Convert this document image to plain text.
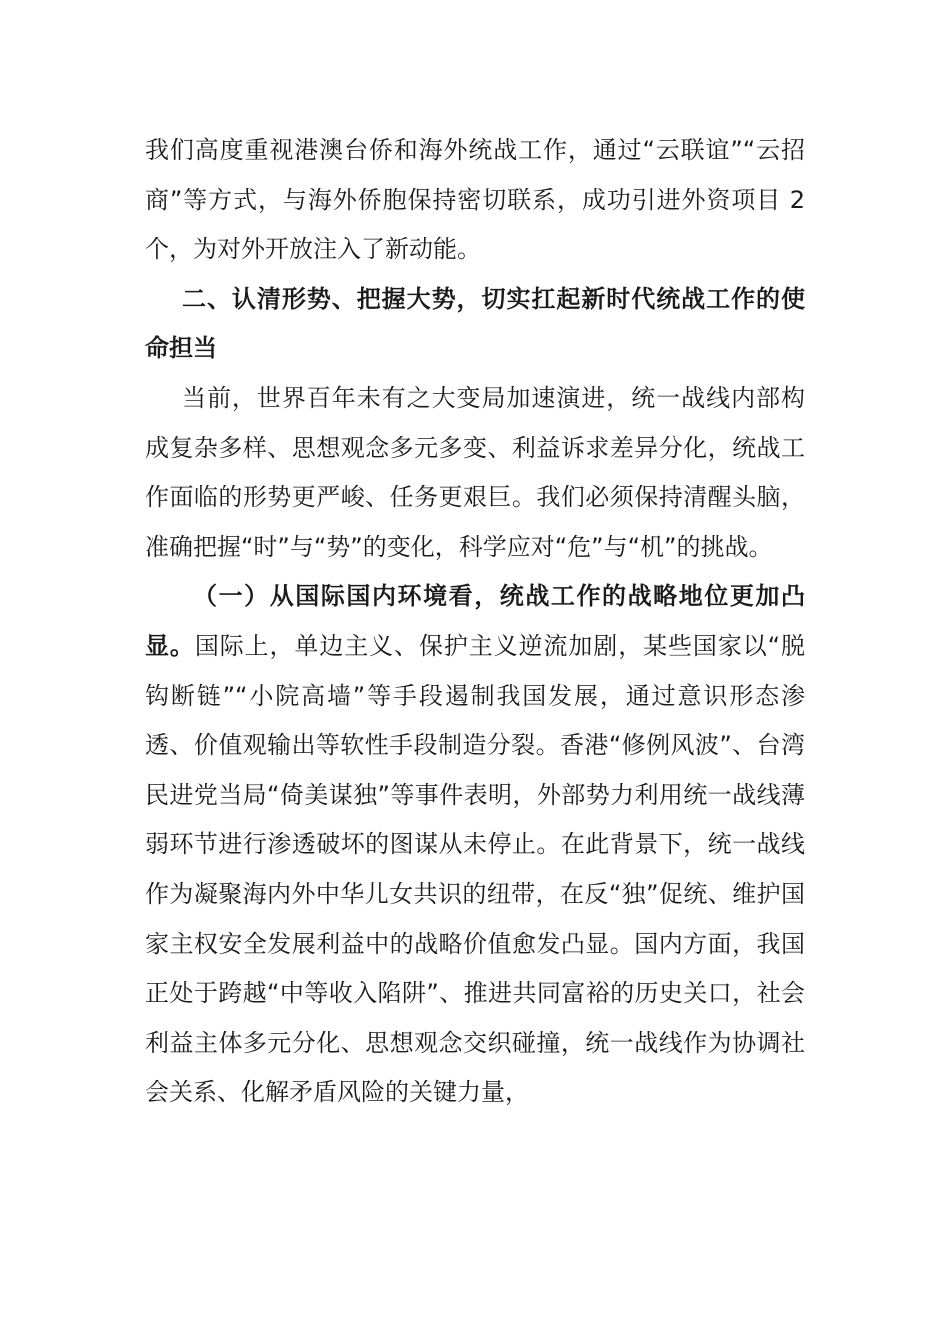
我们高度重视港澳台侨和海外统战工作，通过“云联谊”“云招商”等方式，与海外侨胞保持密切联系，成功引进外资项目 2 个，为对外开放注入了新动能。

二、认清形势、把握大势，切实扛起新时代统战工作的使命担当

当前，世界百年未有之大变局加速演进，统一战线内部构成复杂多样、思想观念多元多变、利益诉求差异分化，统战工作面临的形势更严峻、任务更艰巨。我们必须保持清醒头脑，准确把握“时”与“势”的变化，科学应对“危”与“机”的挑战。

（一）从国际国内环境看，统战工作的战略地位更加凸显。国际上，单边主义、保护主义逆流加剧，某些国家以“脱钩断链”“小院高墙”等手段遏制我国发展，通过意识形态渗透、价值观输出等软性手段制造分裂。香港“修例风波”、台湾民进党当局“倚美谋独”等事件表明，外部势力利用统一战线薄弱环节进行渗透破坏的图谋从未停止。在此背景下，统一战线作为凝聚海内外中华儿女共识的纽带，在反“独”促统、维护国家主权安全发展利益中的战略价值愈发凸显。国内方面，我国正处于跨越“中等收入陷阱”、推进共同富裕的历史关口，社会利益主体多元分化、思想观念交织碰撞，统一战线作为协调社会关系、化解矛盾风险的关键力量，
